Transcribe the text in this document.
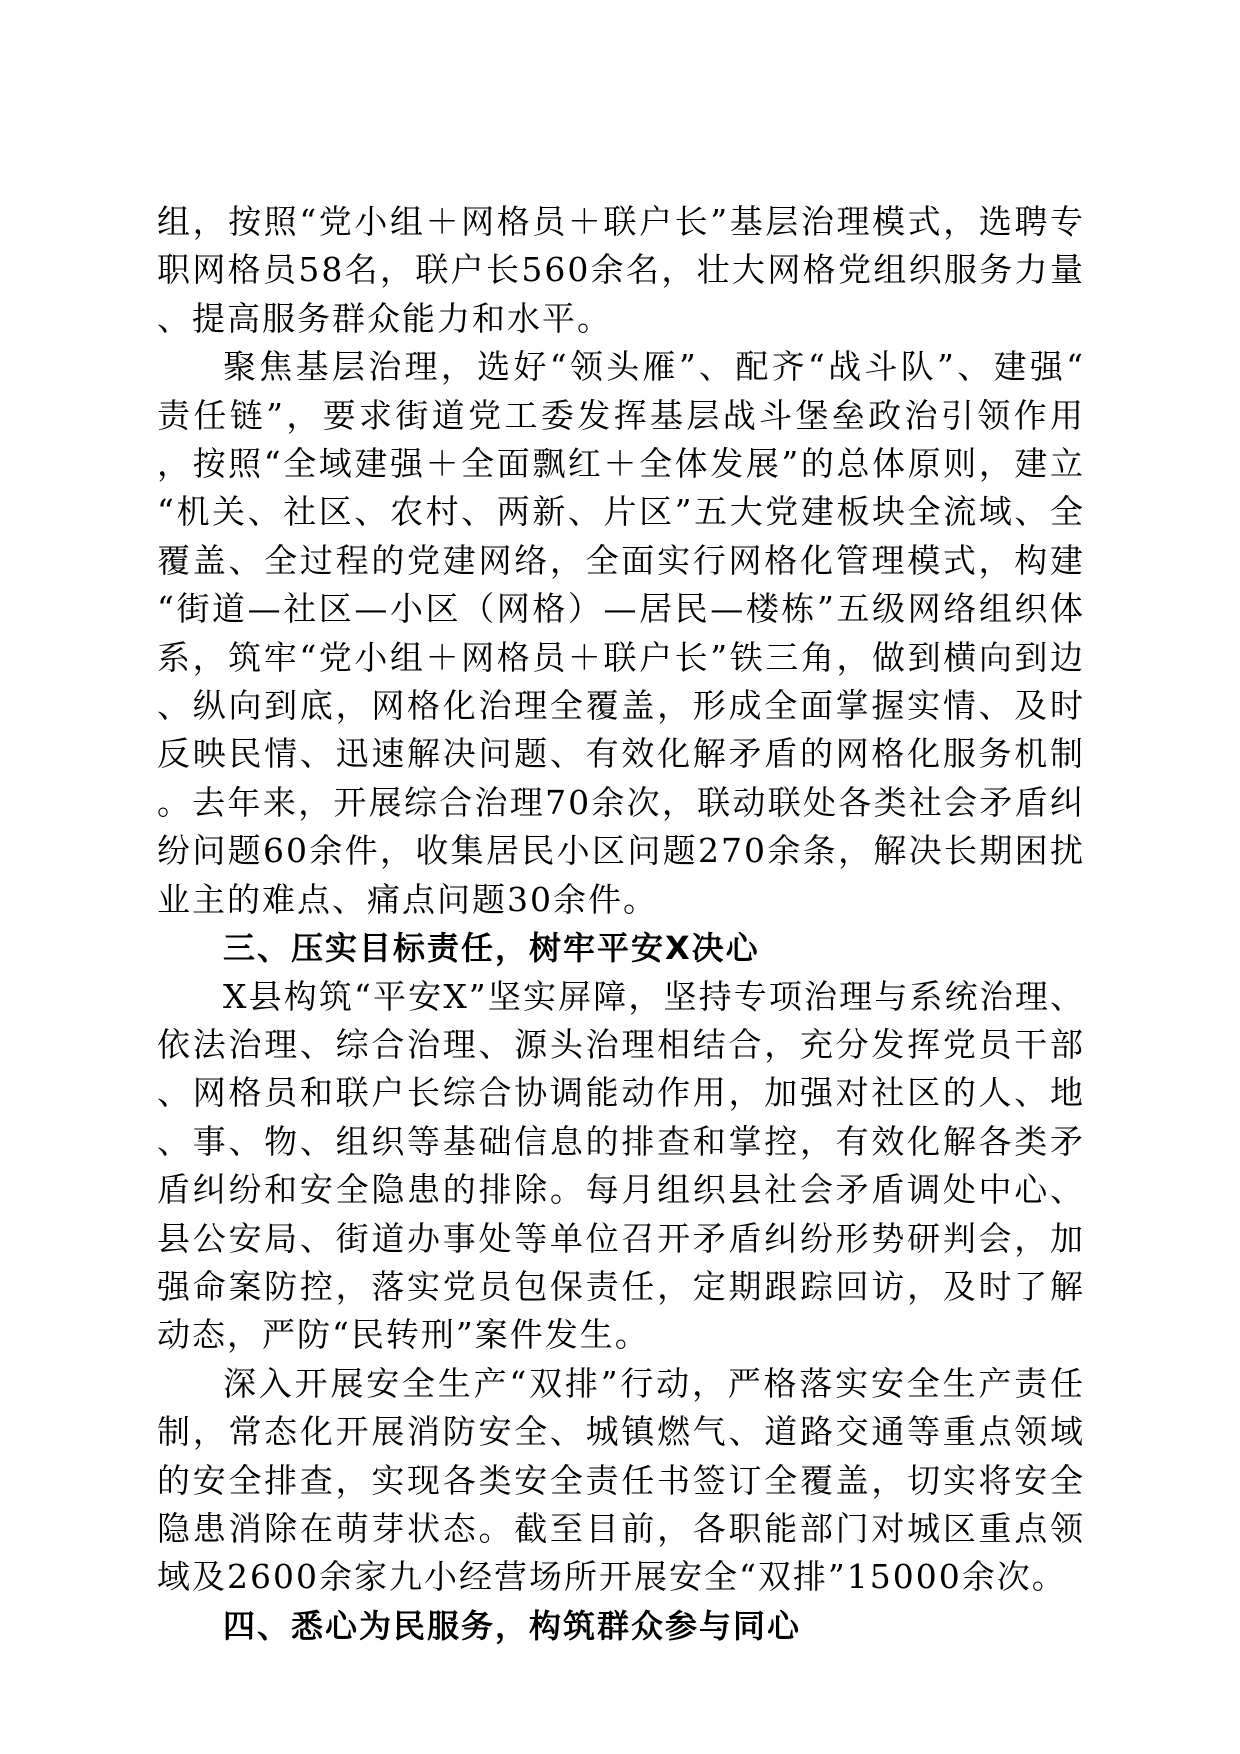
组，按照“党小组＋网格员＋联户长”基层治理模式，选聘专职网格员58名，联户长560余名，壮大网格党组织服务力量、提高服务群众能力和水平。

聚焦基层治理，选好“领头雁”、配齐“战斗队”、建强“责任链”，要求街道党工委发挥基层战斗堡垒政治引领作用，按照“全域建强＋全面飘红＋全体发展”的总体原则，建立“机关、社区、农村、两新、片区”五大党建板块全流域、全覆盖、全过程的党建网络，全面实行网格化管理模式，构建“街道—社区—小区（网格）—居民—楼栋”五级网络组织体系，筑牢“党小组＋网格员＋联户长”铁三角，做到横向到边、纵向到底，网格化治理全覆盖，形成全面掌握实情、及时反映民情、迅速解决问题、有效化解矛盾的网格化服务机制。去年来，开展综合治理70余次，联动联处各类社会矛盾纠纷问题60余件，收集居民小区问题270余条，解决长期困扰业主的难点、痛点问题30余件。

三、压实目标责任，树牢平安X决心

X县构筑“平安X”坚实屏障，坚持专项治理与系统治理、依法治理、综合治理、源头治理相结合，充分发挥党员干部、网格员和联户长综合协调能动作用，加强对社区的人、地、事、物、组织等基础信息的排查和掌控，有效化解各类矛盾纠纷和安全隐患的排除。每月组织县社会矛盾调处中心、县公安局、街道办事处等单位召开矛盾纠纷形势研判会，加强命案防控，落实党员包保责任，定期跟踪回访，及时了解动态，严防“民转刑”案件发生。

深入开展安全生产“双排”行动，严格落实安全生产责任制，常态化开展消防安全、城镇燃气、道路交通等重点领域的安全排查，实现各类安全责任书签订全覆盖，切实将安全隐患消除在萌芽状态。截至目前，各职能部门对城区重点领域及2600余家九小经营场所开展安全“双排”15000余次。

四、悉心为民服务，构筑群众参与同心
